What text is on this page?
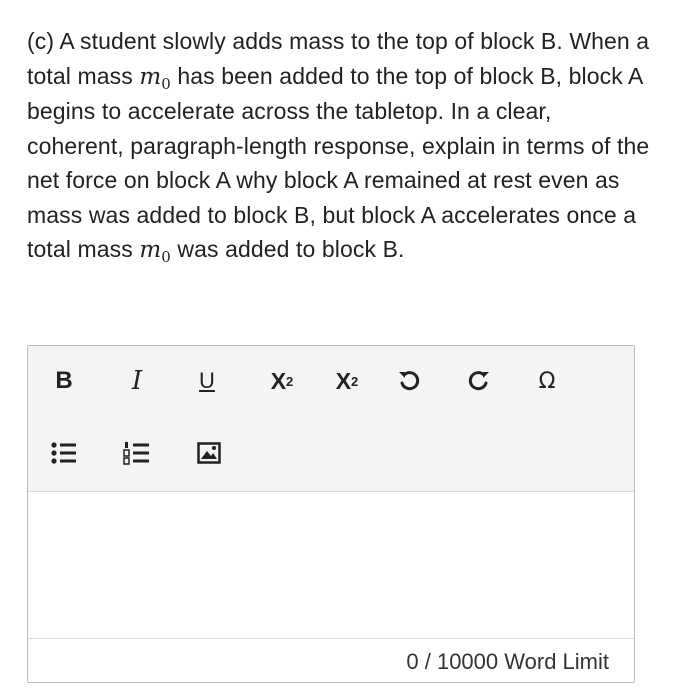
(c) A student slowly adds mass to the top of block B. When a total mass $m_0$ has been added to the top of block B, block A begins to accelerate across the tabletop. In a clear, coherent, paragraph-length response, explain in terms of the net force on block A why block A remained at rest even as mass was added to block B, but block A accelerates once a total mass $m_0$ was added to block B.

B	I	U	X 2 X 2	Ω
0 / 10000
Word Limit
